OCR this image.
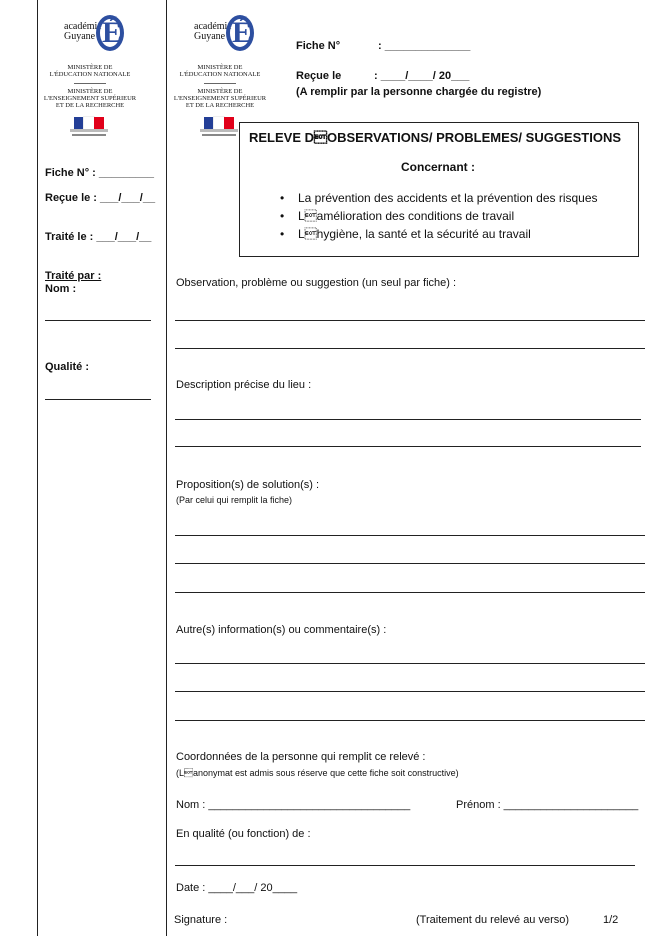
académie
Guyane É
MINISTÈRE DE
L'ÉDUCATION NATIONALE
MINISTÈRE DE
L'ENSEIGNEMENT SUPÉRIEUR
ET DE LA RECHERCHE
académie
Guyane É
MINISTÈRE DE
L'ÉDUCATION NATIONALE
MINISTÈRE DE
L'ENSEIGNEMENT SUPÉRIEUR
ET DE LA RECHERCHE
Fiche N° : _________
Reçue le : ___/___/__
Traité le : ___/___/__
Traité par :
Nom :
Qualité :
Fiche N°	: ______________
Reçue le	: ____/____/ 20___
(A remplir par la personne chargée du registre)
RELEVE DOBSERVATIONS/ PROBLEMES/ SUGGESTIONS
Concernant :
• La prévention des accidents et la prévention des risques
• Lamélioration des conditions de travail
• Lhygiène, la santé et la sécurité au travail
Observation, problème ou suggestion (un seul par fiche) :
Description précise du lieu :
Proposition(s) de solution(s) :
(Par celui qui remplit la fiche)
Autre(s) information(s) ou commentaire(s) :
Coordonnées de la personne qui remplit ce relevé :
(Lanonymat est admis sous réserve que cette fiche soit constructive)
Nom : _________________________________	Prénom : ______________________
En qualité (ou fonction) de :
Date : ____/___/ 20____
Signature :	(Traitement du relevé au verso)	1/2
